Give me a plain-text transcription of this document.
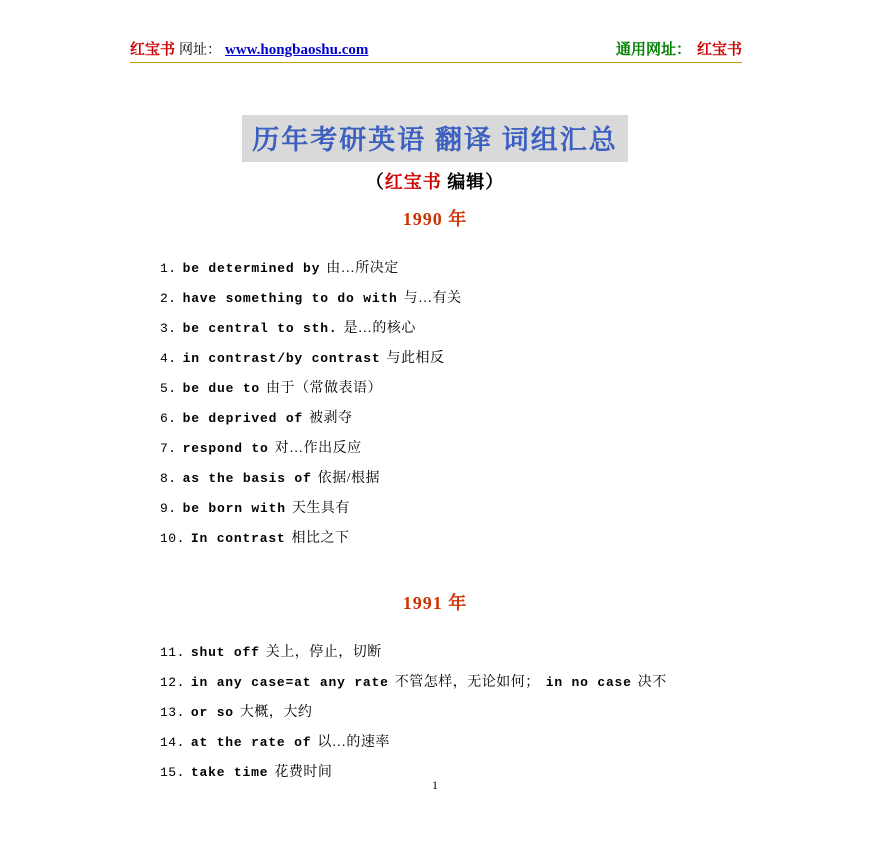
红宝书 网址： www.hongbaoshu.com	通用网址： 红宝书
历年考研英语 翻译 词组汇总
（红宝书 编辑）
1990 年
1. be determined by 由…所决定
2. have something to do with 与…有关
3. be central to sth. 是…的核心
4. in contrast/by contrast 与此相反
5. be due to 由于（常做表语）
6. be deprived of 被剥夺
7. respond to 对…作出反应
8. as the basis of 依据/根据
9. be born with 天生具有
10. In contrast 相比之下
1991 年
11. shut off 关上，停止，切断
12. in any case=at any rate 不管怎样，无论如何； in no case 决不
13. or so 大概，大约
14. at the rate of 以…的速率
15. take time 花费时间
1
